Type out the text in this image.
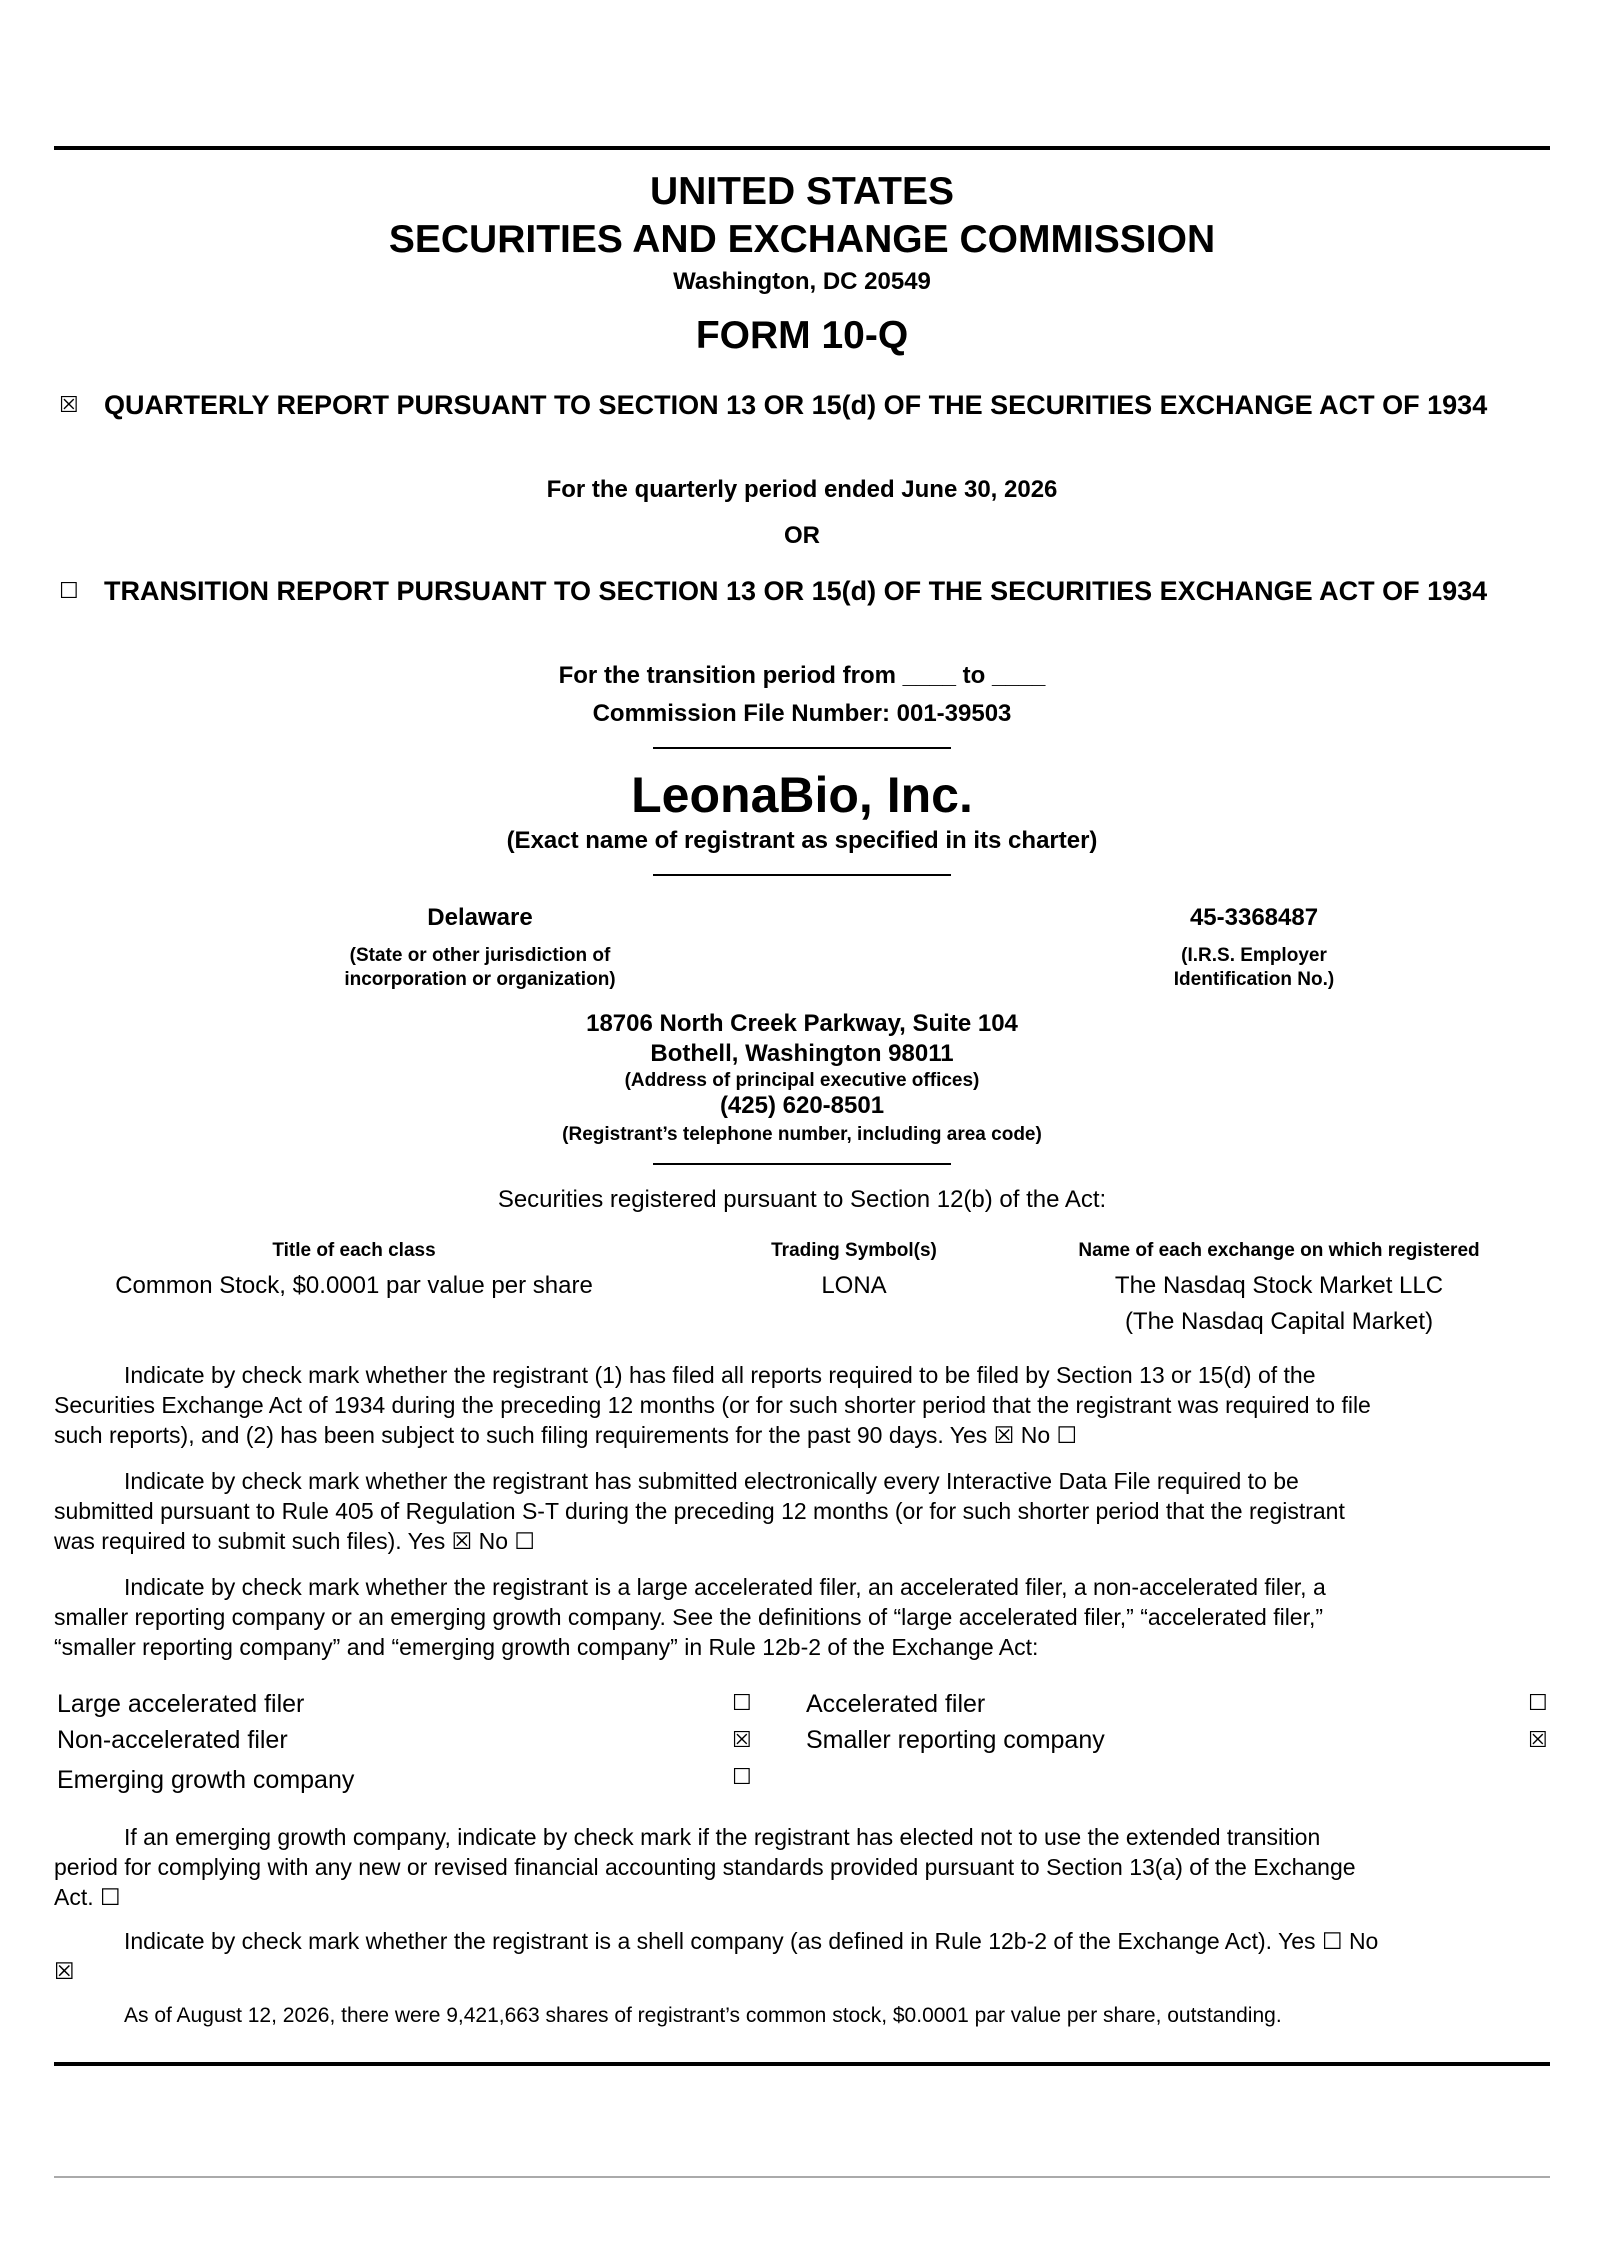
UNITED STATES
SECURITIES AND EXCHANGE COMMISSION
Washington, DC 20549
FORM 10-Q
☒ QUARTERLY REPORT PURSUANT TO SECTION 13 OR 15(d) OF THE SECURITIES EXCHANGE ACT OF 1934
For the quarterly period ended June 30, 2026
OR
☐ TRANSITION REPORT PURSUANT TO SECTION 13 OR 15(d) OF THE SECURITIES EXCHANGE ACT OF 1934
For the transition period from ____ to ____
Commission File Number: 001-39503
LeonaBio, Inc.
(Exact name of registrant as specified in its charter)
Delaware
(State or other jurisdiction of
incorporation or organization)
45-3368487
(I.R.S. Employer
Identification No.)
18706 North Creek Parkway, Suite 104
Bothell, Washington 98011
(Address of principal executive offices)
(425) 620-8501
(Registrant’s telephone number, including area code)
Securities registered pursuant to Section 12(b) of the Act:
Title of each class	Trading Symbol(s)	Name of each exchange on which registered
Common Stock, $0.0001 par value per share	LONA	The Nasdaq Stock Market LLC
(The Nasdaq Capital Market)
Indicate by check mark whether the registrant (1) has filed all reports required to be filed by Section 13 or 15(d) of the
Securities Exchange Act of 1934 during the preceding 12 months (or for such shorter period that the registrant was required to file
such reports), and (2) has been subject to such filing requirements for the past 90 days. Yes ☒ No ☐
Indicate by check mark whether the registrant has submitted electronically every Interactive Data File required to be
submitted pursuant to Rule 405 of Regulation S-T during the preceding 12 months (or for such shorter period that the registrant
was required to submit such files). Yes ☒ No ☐
Indicate by check mark whether the registrant is a large accelerated filer, an accelerated filer, a non-accelerated filer, a
smaller reporting company or an emerging growth company. See the definitions of “large accelerated filer,” “accelerated filer,”
“smaller reporting company” and “emerging growth company” in Rule 12b-2 of the Exchange Act:
Large accelerated filer	☐ Accelerated filer	☐
Non-accelerated filer	☒ Smaller reporting company	☒
Emerging growth company	☐
If an emerging growth company, indicate by check mark if the registrant has elected not to use the extended transition
period for complying with any new or revised financial accounting standards provided pursuant to Section 13(a) of the Exchange
Act. ☐
Indicate by check mark whether the registrant is a shell company (as defined in Rule 12b-2 of the Exchange Act). Yes ☐ No
☒
As of August 12, 2026, there were 9,421,663 shares of registrant’s common stock, $0.0001 par value per share, outstanding.
